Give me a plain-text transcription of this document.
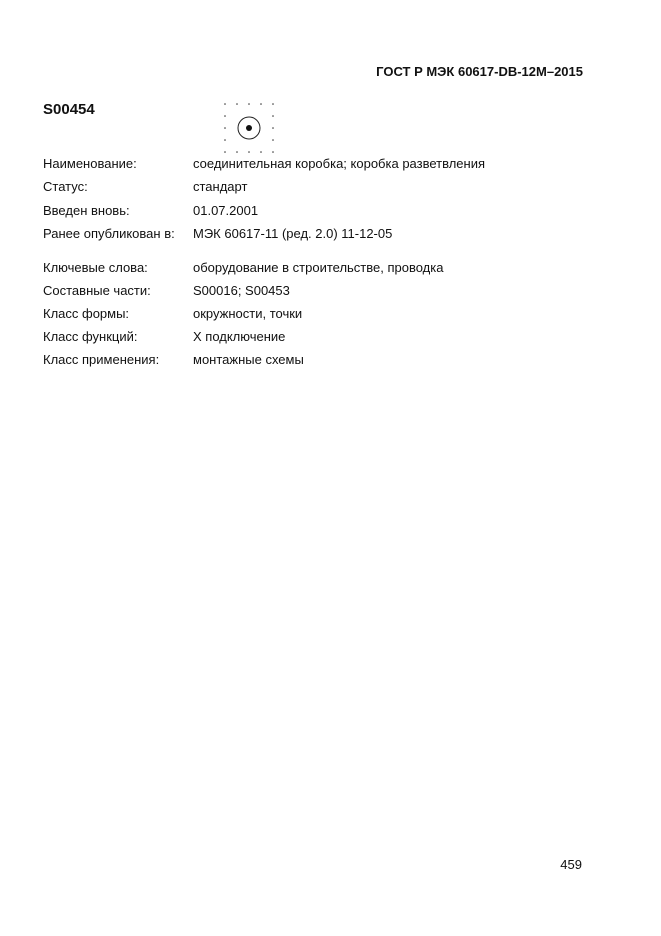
ГОСТ Р МЭК 60617-DB-12M–2015
S00454
Наименование:	соединительная коробка; коробка разветвления
Статус:	стандарт
Введен вновь:	01.07.2001
Ранее опубликован в: МЭК 60617-11 (ред. 2.0) 11-12-05
Ключевые слова:	оборудование в строительстве, проводка
Составные части:	S00016; S00453
Класс формы:	окружности, точки
Класс функций:	X подключение
Класс применения:	монтажные схемы
459
